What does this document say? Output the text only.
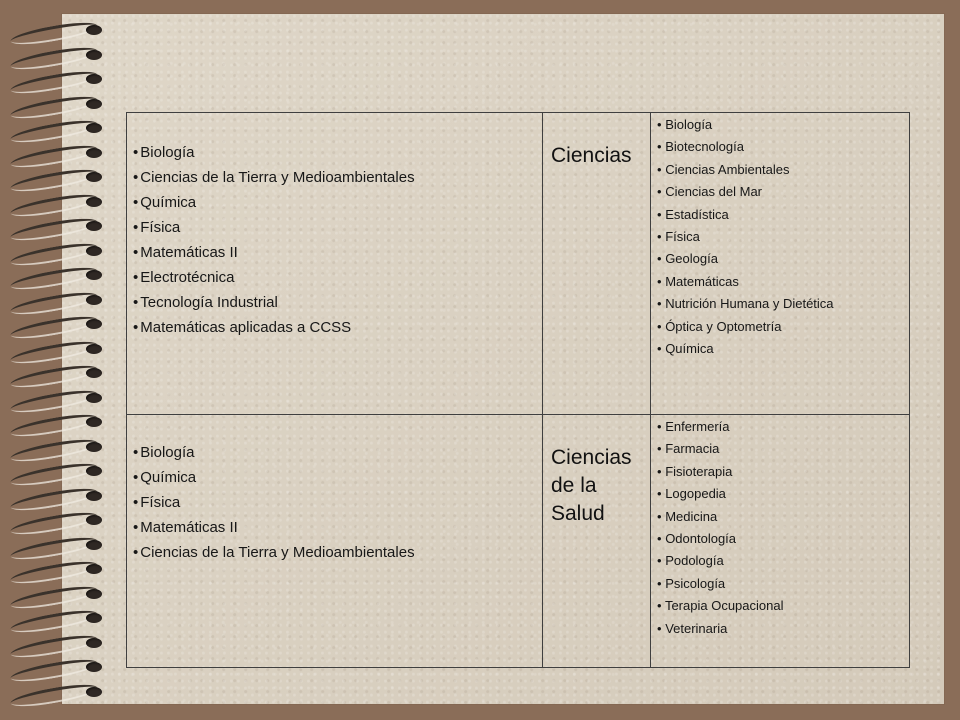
• Biología
• Ciencias de la Tierra y Medioambientales
• Química
• Física
• Matemáticas II
• Electrotécnica
• Tecnología Industrial
• Matemáticas aplicadas a CCSS
Ciencias
• Biología
• Biotecnología
• Ciencias Ambientales
• Ciencias del Mar
• Estadística
• Física
• Geología
• Matemáticas
• Nutrición Humana y Dietética
• Óptica y Optometría
• Química
• Biología
• Química
• Física
• Matemáticas II
• Ciencias de la Tierra y Medioambientales
Ciencias
de la
Salud
• Enfermería
• Farmacia
• Fisioterapia
• Logopedia
• Medicina
• Odontología
• Podología
• Psicología
• Terapia Ocupacional
• Veterinaria
